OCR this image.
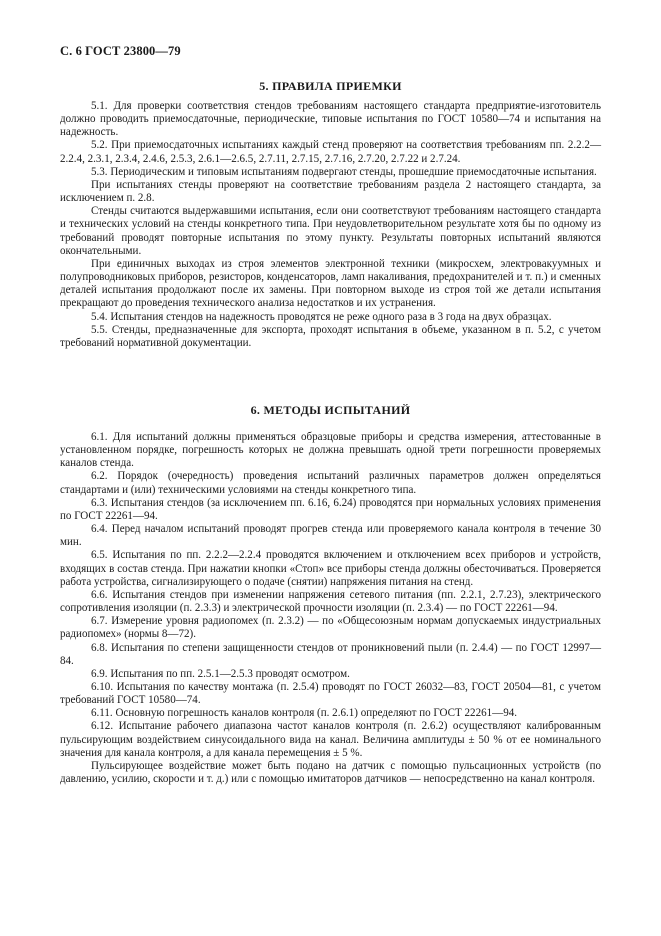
С. 6 ГОСТ 23800—79
5. ПРАВИЛА ПРИЕМКИ

5.1. Для проверки соответствия стендов требованиям настоящего стандарта предприятие-изготовитель должно проводить приемосдаточные, периодические, типовые испытания по ГОСТ 10580—74 и испытания на надежность.

5.2. При приемосдаточных испытаниях каждый стенд проверяют на соответствия требованиям пп. 2.2.2—2.2.4, 2.3.1, 2.3.4, 2.4.6, 2.5.3, 2.6.1—2.6.5, 2.7.11, 2.7.15, 2.7.16, 2.7.20, 2.7.22 и 2.7.24.

5.3. Периодическим и типовым испытаниям подвергают стенды, прошедшие приемосдаточные испытания.

При испытаниях стенды проверяют на соответствие требованиям раздела 2 настоящего стандарта, за исключением п. 2.8.

Стенды считаются выдержавшими испытания, если они соответствуют требованиям настоящего стандарта и технических условий на стенды конкретного типа. При неудовлетворительном результате хотя бы по одному из требований проводят повторные испытания по этому пункту. Результаты повторных испытаний являются окончательными.

При единичных выходах из строя элементов электронной техники (микросхем, электровакуумных и полупроводниковых приборов, резисторов, конденсаторов, ламп накаливания, предохранителей и т. п.) и сменных деталей испытания продолжают после их замены. При повторном выходе из строя той же детали испытания прекращают до проведения технического анализа недостатков и их устранения.

5.4. Испытания стендов на надежность проводятся не реже одного раза в 3 года на двух образцах.

5.5. Стенды, предназначенные для экспорта, проходят испытания в объеме, указанном в п. 5.2, с учетом требований нормативной документации.

6. МЕТОДЫ ИСПЫТАНИЙ

6.1. Для испытаний должны применяться образцовые приборы и средства измерения, аттестованные в установленном порядке, погрешность которых не должна превышать одной трети погрешности проверяемых каналов стенда.

6.2. Порядок (очередность) проведения испытаний различных параметров должен определяться стандартами и (или) техническими условиями на стенды конкретного типа.

6.3. Испытания стендов (за исключением пп. 6.16, 6.24) проводятся при нормальных условиях применения по ГОСТ 22261—94.

6.4. Перед началом испытаний проводят прогрев стенда или проверяемого канала контроля в течение 30 мин.

6.5. Испытания по пп. 2.2.2—2.2.4 проводятся включением и отключением всех приборов и устройств, входящих в состав стенда. При нажатии кнопки «Стоп» все приборы стенда должны обесточиваться. Проверяется работа устройства, сигнализирующего о подаче (снятии) напряжения питания на стенд.

6.6. Испытания стендов при изменении напряжения сетевого питания (пп. 2.2.1, 2.7.23), электрического сопротивления изоляции (п. 2.3.3) и электрической прочности изоляции (п. 2.3.4) — по ГОСТ 22261—94.

6.7. Измерение уровня радиопомех (п. 2.3.2) — по «Общесоюзным нормам допускаемых индустриальных радиопомех» (нормы 8—72).

6.8. Испытания по степени защищенности стендов от проникновений пыли (п. 2.4.4) — по ГОСТ 12997—84.

6.9. Испытания по пп. 2.5.1—2.5.3 проводят осмотром.

6.10. Испытания по качеству монтажа (п. 2.5.4) проводят по ГОСТ 26032—83, ГОСТ 20504—81, с учетом требований ГОСТ 10580—74.

6.11. Основную погрешность каналов контроля (п. 2.6.1) определяют по ГОСТ 22261—94.

6.12. Испытание рабочего диапазона частот каналов контроля (п. 2.6.2) осуществляют калиброванным пульсирующим воздействием синусоидального вида на канал. Величина амплитуды ± 50 % от ее номинального значения для канала контроля, а для канала перемещения ± 5 %.

Пульсирующее воздействие может быть подано на датчик с помощью пульсационных устройств (по давлению, усилию, скорости и т. д.) или с помощью имитаторов датчиков — непосредственно на канал контроля.
